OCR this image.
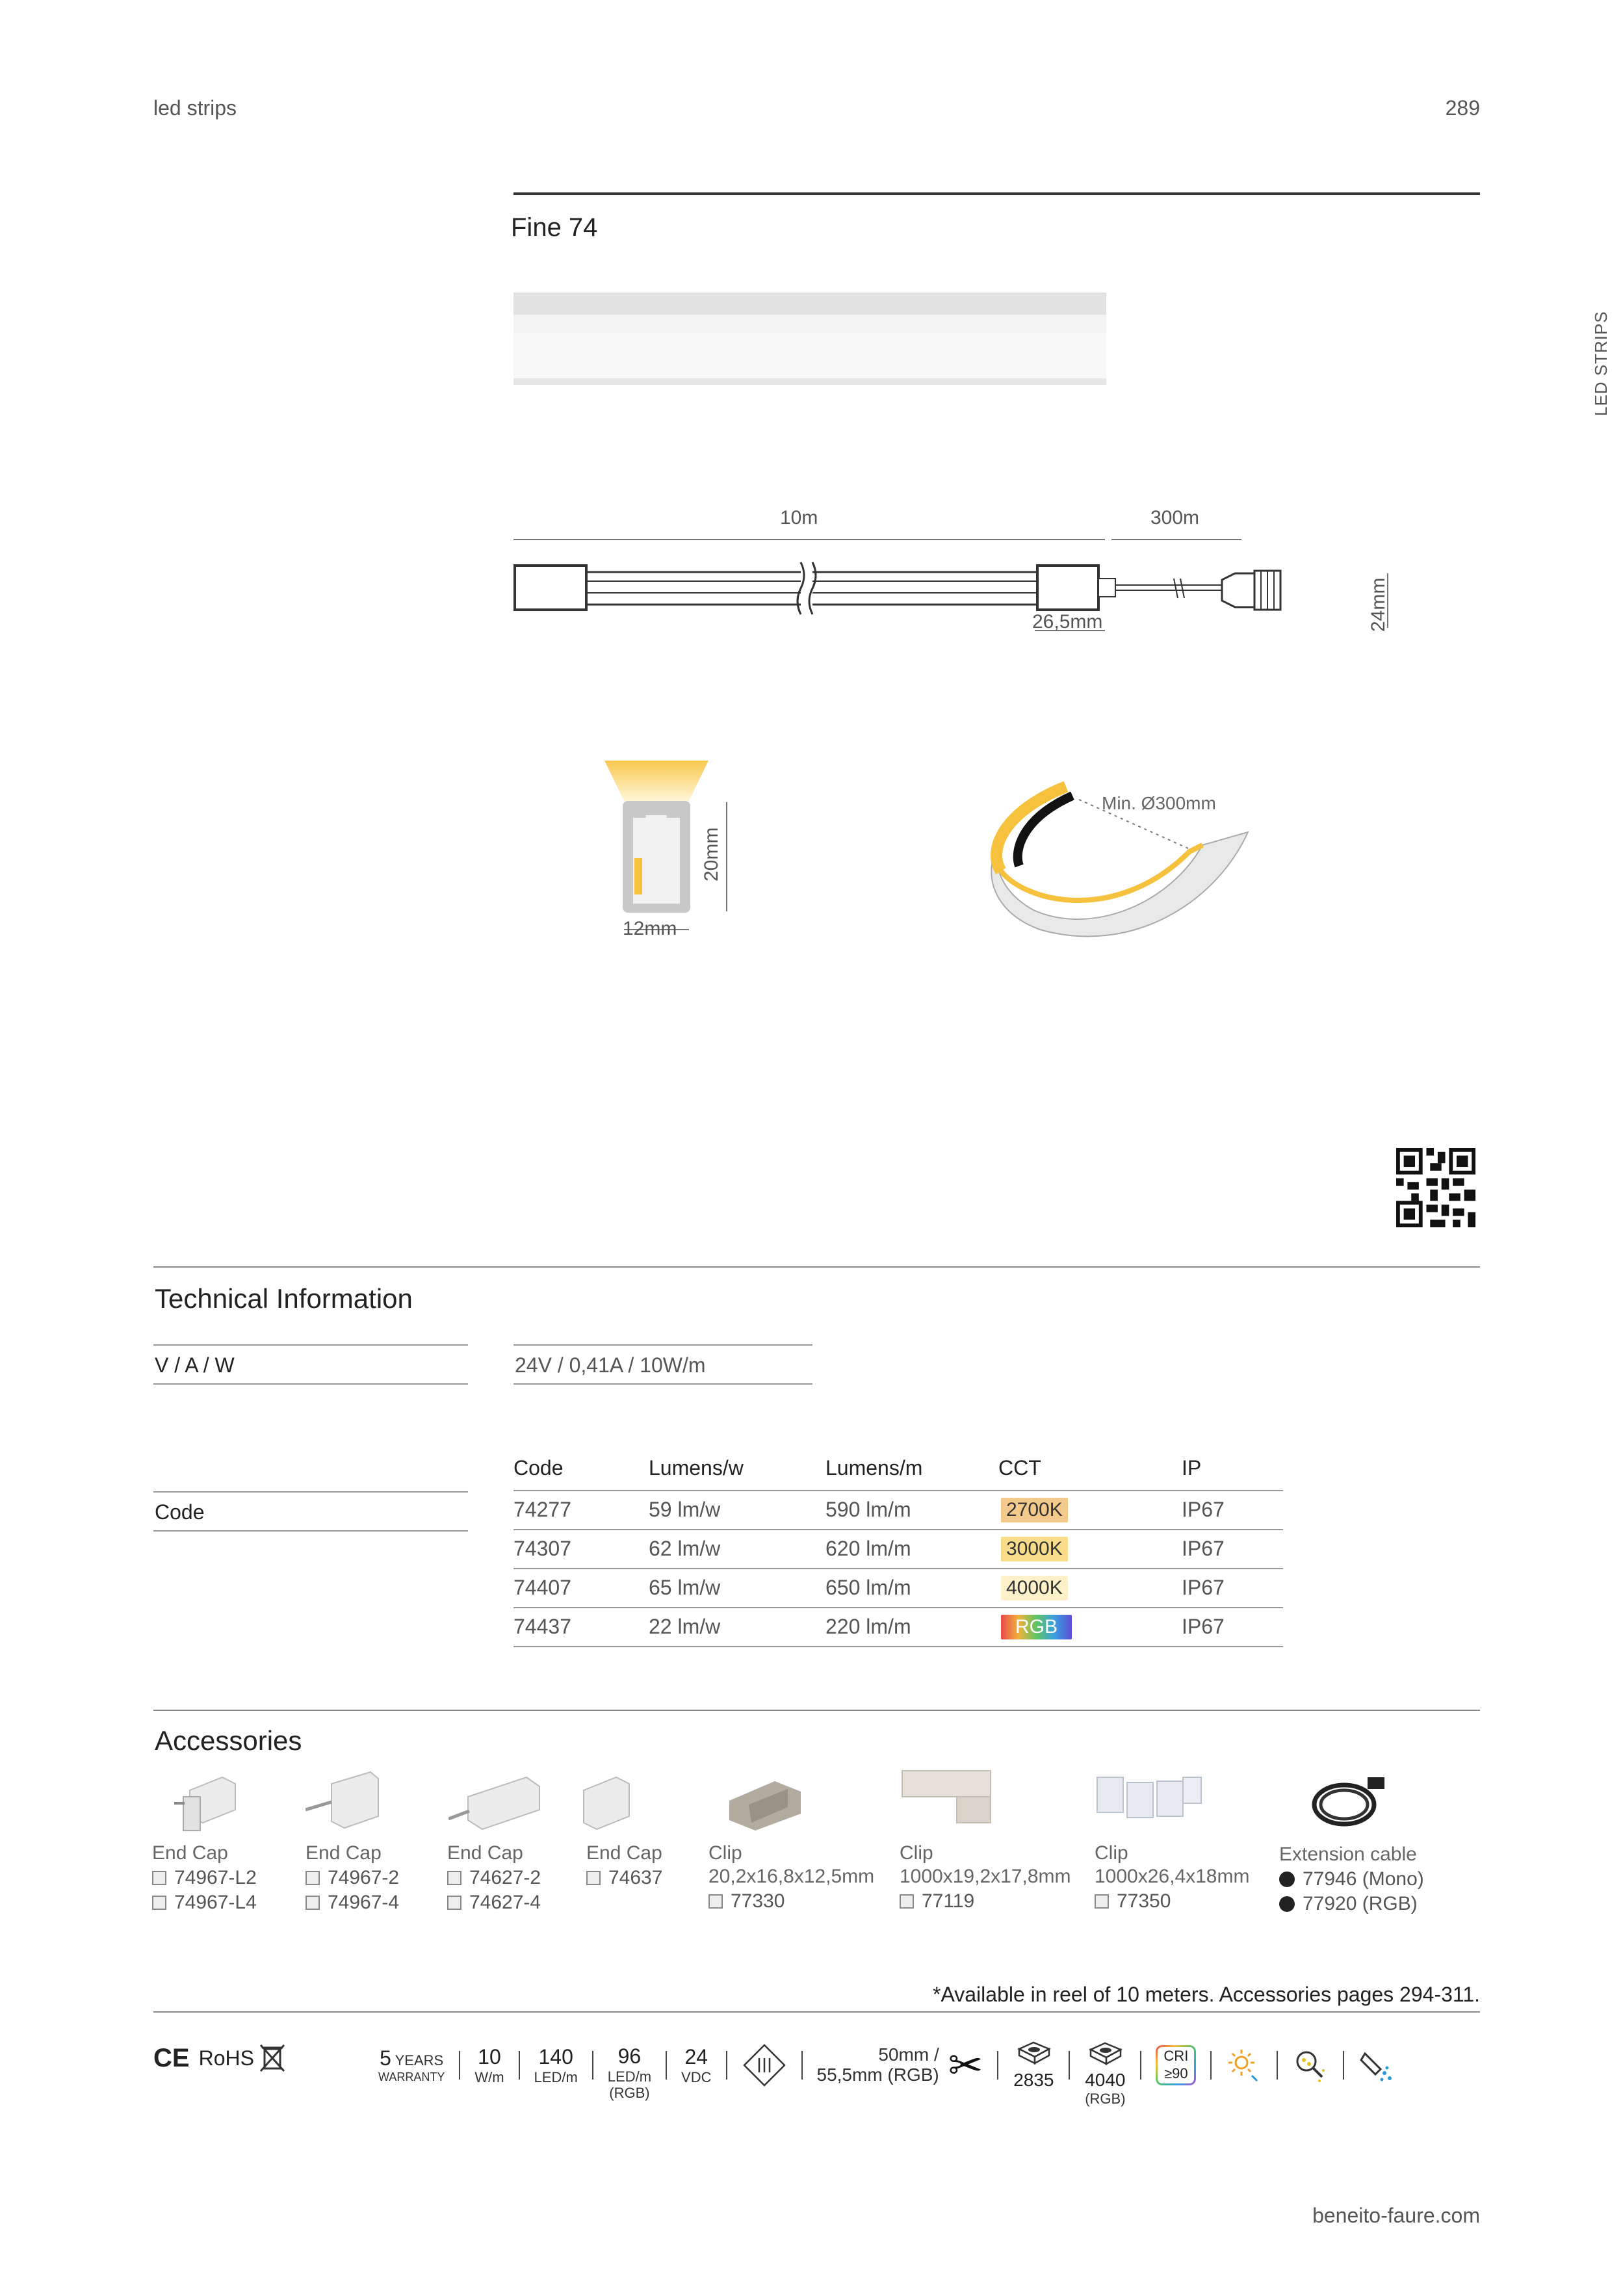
led strips	289
LED STRIPS
Fine 74
10m	300m
26,5mm	24mm
12mm
20mm
Min. Ø300mm
Technical Information
V / A / W	24V / 0,41A / 10W/m
Code
Code	Lumens/w	Lumens/m	CCT	IP
74277	59 lm/w	590 lm/m	2700K	IP67
74307	62 lm/w	620 lm/m	3000K	IP67
74407	65 lm/w	650 lm/m	4000K	IP67
74437	22 lm/w	220 lm/m	RGB	IP67
Accessories
End Cap
74967-L2
74967-L4
End Cap
74967-2
74967-4
End Cap
74627-2
74627-4
End Cap
74637
Clip
20,2x16,8x12,5mm
77330
Clip
1000x19,2x17,8mm
77119
Clip
1000x26,4x18mm
77350
Extension cable
77946 (Mono)
77920 (RGB)
*Available in reel of 10 meters. Accessories pages 294-311.
CE RoHS	5 YEARS
WARRANTY
10
W/m
140
LED/m
96
LED/m
(RGB)
24
VDC
50mm /
55,5mm (RGB) ✂ 2835 4040
(RGB)
CRI
≥90
beneito-faure.com
